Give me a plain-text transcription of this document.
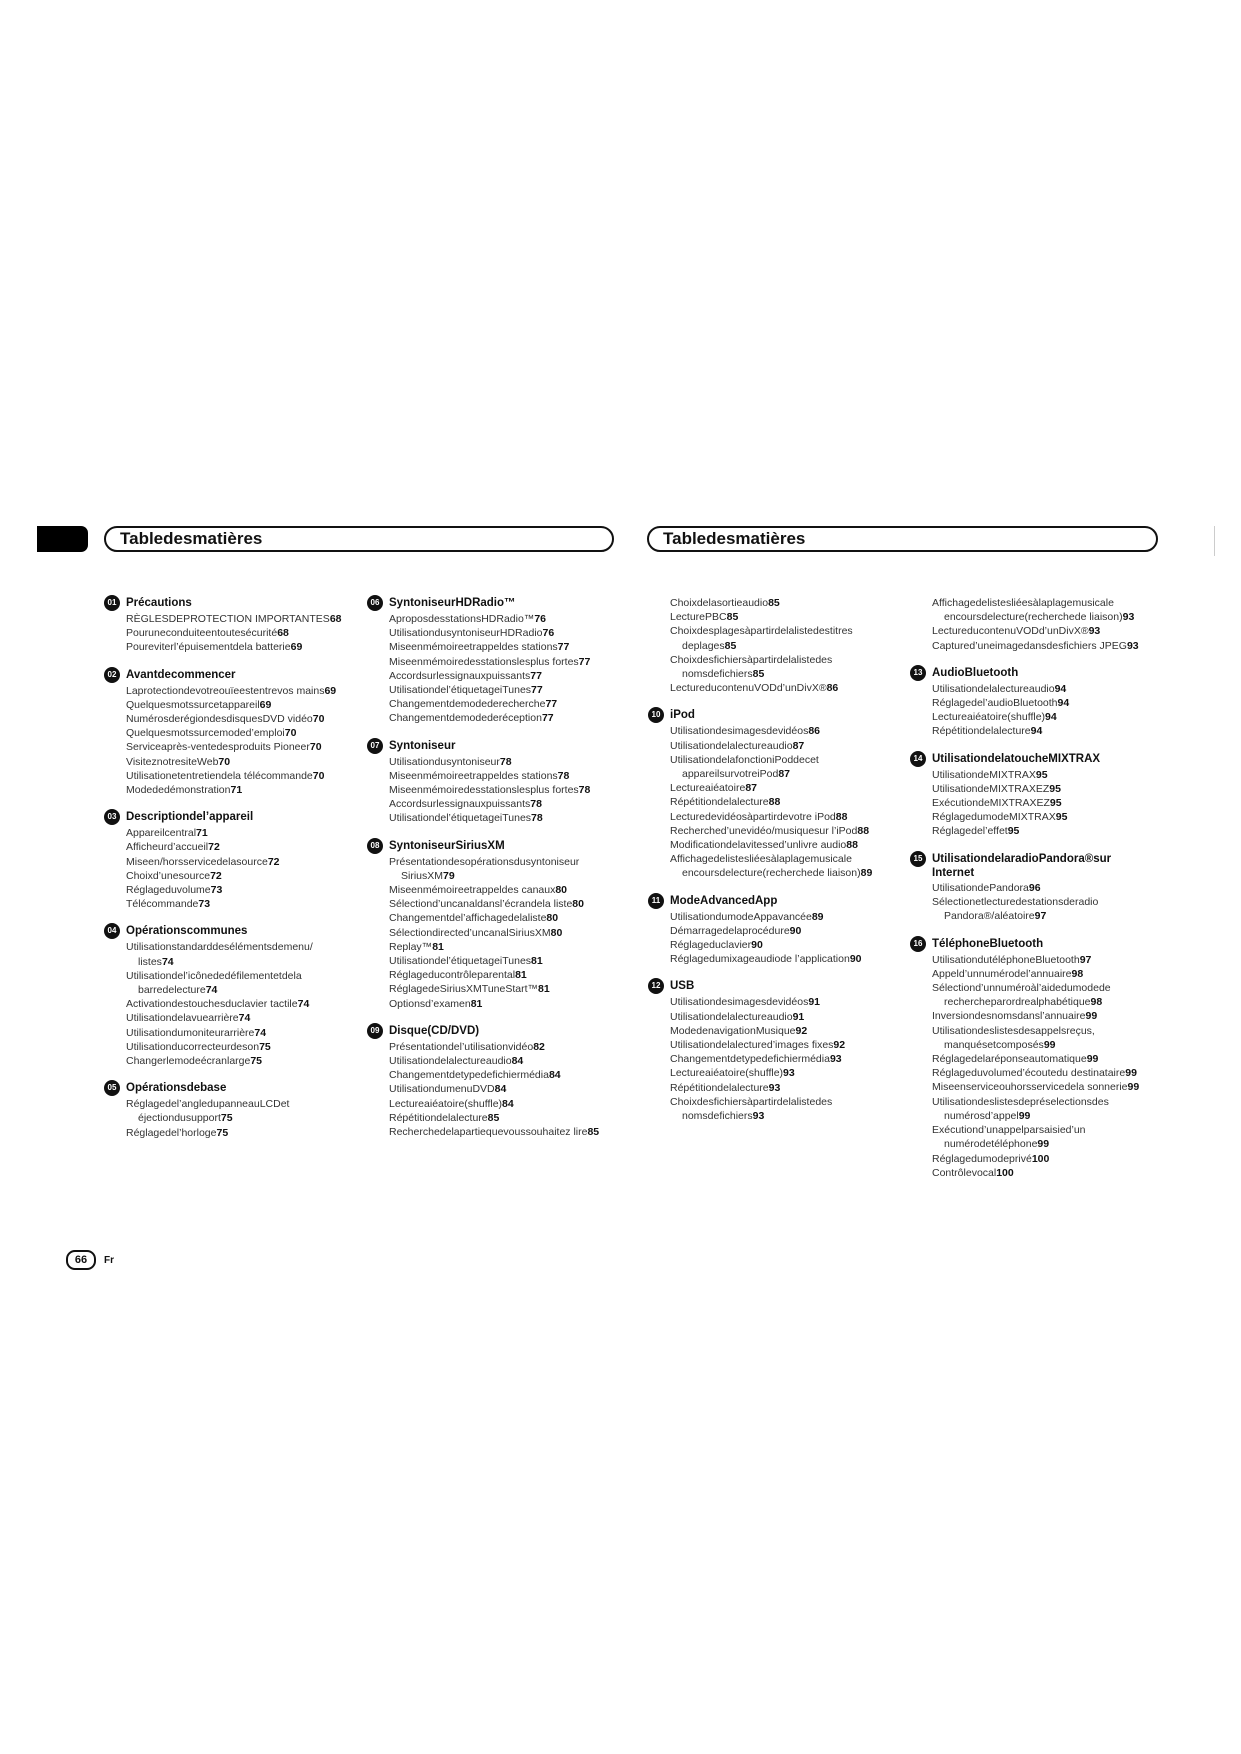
Tabledesmatières	Tabledesmatières
01 Précautions

RÈGLESDEPROTECTION IMPORTANTES68

Pouruneconduiteentoutesécurité68

Poureviterl’épuisementdela batterie69

02 Avantdecommencer

Laprotectiondevotreouïeestentrevos mains69

Quelquesmotssurcetappareil69

NumérosderégiondesdisquesDVD vidéo70

Quelquesmotssurcemoded’emploi70

Serviceaprès-ventedesproduits Pioneer70

VisiteznotresiteWeb70

Utilisationetentretiendela télécommande70

Modededémonstration71

03 Descriptiondel’appareil

Appareilcentral71

Afficheurd’accueil72

Miseen/horsservicedelasource72

Choixd’unesource72

Réglageduvolume73

Télécommande73

04 Opérationscommunes

Utilisationstandarddesélémentsdemenu/ listes74

Utilisationdel’icônededéfilementetdela barredelecture74

Activationdestouchesduclavier tactile74

Utilisationdelavuearrière74

Utilisationdumoniteurarrière74

Utilisationducorrecteurdeson75

Changerlemodeécranlarge75

05 Opérationsdebase

Réglagedel’angledupanneauLCDet éjectiondusupport75

Réglagedel’horloge75

06 SyntoniseurHDRadio™

AproposdesstationsHDRadio™76

UtilisationdusyntoniseurHDRadio76

Miseenmémoireetrappeldes stations77

Miseenmémoiredesstationslesplus fortes77

Accordsurlessignauxpuissants77

Utilisationdel’étiquetageiTunes77

Changementdemodederecherche77

Changementdemodederéception77

07 Syntoniseur

Utilisationdusyntoniseur78

Miseenmémoireetrappeldes stations78

Miseenmémoiredesstationslesplus fortes78

Accordsurlessignauxpuissants78

Utilisationdel’étiquetageiTunes78

08 SyntoniseurSiriusXM

Présentationdesopérationsdusyntoniseur SiriusXM79

Miseenmémoireetrappeldes canaux80

Sélectiond’uncanaldansl’écrandela liste80

Changementdel’affichagedelaliste80

Sélectiondirected’uncanalSiriusXM80

Replay™81

Utilisationdel’étiquetageiTunes81

Réglageducontrôleparental81

RéglagedeSiriusXMTuneStart™81

Optionsd’examen81

09 Disque(CD/DVD)

Présentationdel’utilisationvidéo82

Utilisationdelalectureaudio84

Changementdetypedefichiermédia84

UtilisationdumenuDVD84

Lectureaiéatoire(shuffle)84

Répétitiondelalecture85

Recherchedelapartiequevoussouhaitez lire85

Choixdelasortieaudio85

LecturePBC85

Choixdesplagesàpartirdelalistedestitres deplages85

Choixdesfichiersàpartirdelalistedes nomsdefichiers85

LectureducontenuVODd’unDivX®86

10 iPod

Utilisationdesimagesdevidéos86

Utilisationdelalectureaudio87

UtilisationdelafonctioniPoddecet appareilsurvotreiPod87

Lectureaiéatoire87

Répétitiondelalecture88

Lecturedevidéosàpartirdevotre iPod88

Recherched’unevidéo/musiquesur l’iPod88

Modificationdelavitessed’unlivre audio88

Affichagedelistesliéesàlaplagemusicale encoursdelecture(recherchede liaison)89

11 ModeAdvancedApp

UtilisationdumodeAppavancée89

Démarragedelaprocédure90

Réglageduclavier90

Réglagedumixageaudiode l’application90

12 USB

Utilisationdesimagesdevidéos91

Utilisationdelalectureaudio91

ModedenavigationMusique92

Utilisationdelalectured’images fixes92

Changementdetypedefichiermédia93

Lectureaiéatoire(shuffle)93

Répétitiondelalecture93

Choixdesfichiersàpartirdelalistedes nomsdefichiers93

Affichagedelistesliéesàlaplagemusicale encoursdelecture(recherchede liaison)93

LectureducontenuVODd’unDivX®93

Captured’uneimagedansdesfichiers JPEG93

13 AudioBluetooth

Utilisationdelalectureaudio94

Réglagedel’audioBluetooth94

Lectureaiéatoire(shuffle)94

Répétitiondelalecture94

14 UtilisationdelatoucheMIXTRAX

UtilisationdeMIXTRAX95

UtilisationdeMIXTRAXEZ95

ExécutiondeMIXTRAXEZ95

RéglagedumodeMIXTRAX95

Réglagedel’effet95

15 UtilisationdelaradioPandora®sur Internet

UtilisationdePandora96

Sélectionetlecturedestationsderadio Pandora®/aléatoire97

16 TéléphoneBluetooth

UtilisationdutéléphoneBluetooth97

Appeld’unnumérodel’annuaire98

Sélectiond’unnuméroàl’aidedumodede rechercheparordrealphabétique98

Inversiondesnomsdansl’annuaire99

Utilisationdeslistesdesappelsreçus, manquésetcomposés99

Réglagedelaréponseautomatique99

Réglageduvolumed’écoutedu destinataire99

Miseenserviceouhorsservicedela sonnerie99

Utilisationdeslistesdepréselectionsdes numérosd’appel99

Exécutiond’unappelparsaisied’un numérodetéléphone99

Réglagedumodeprivé100

Contrôlevocal100

66	Fr
